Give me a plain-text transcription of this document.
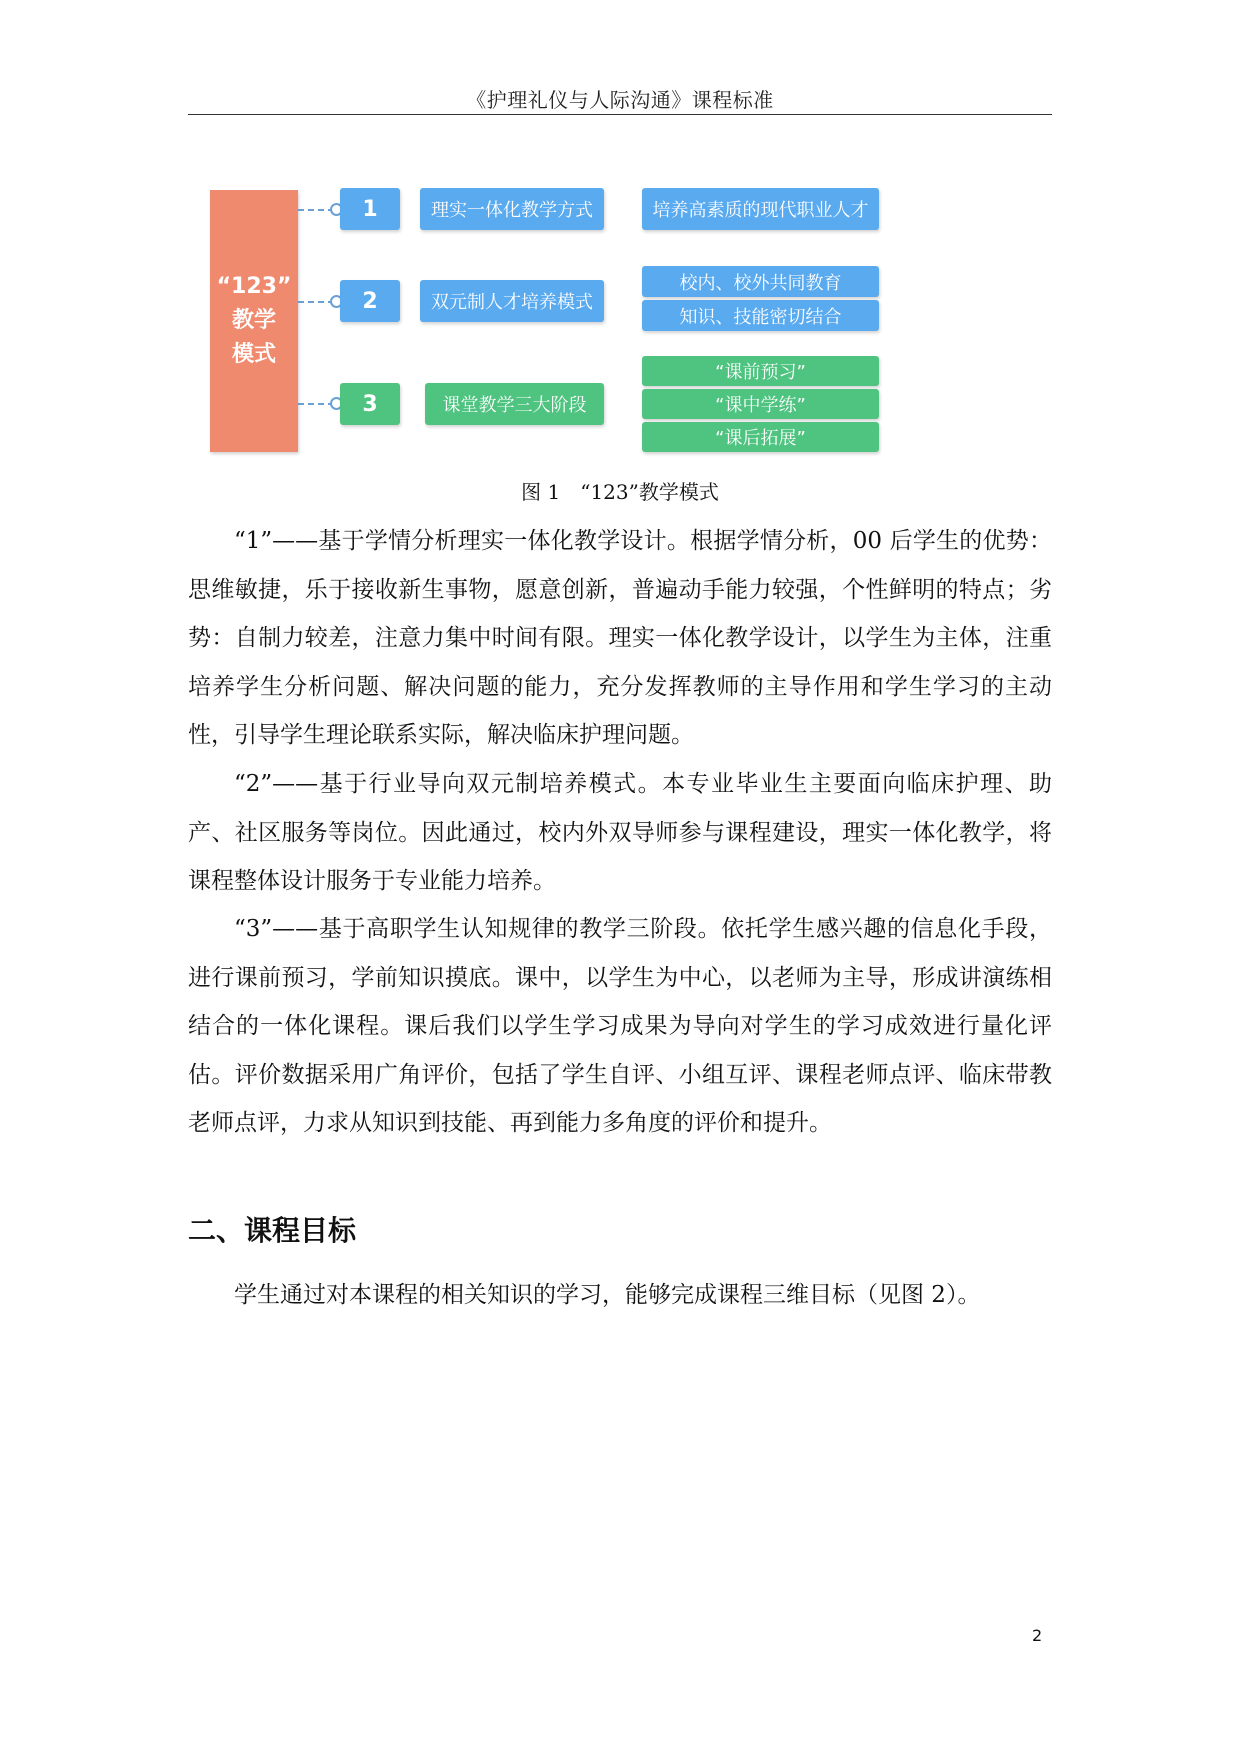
《护理礼仪与人际沟通》课程标准
“123”
教学
模式
1	理实一体化教学方式	培养高素质的现代职业人才
2	双元制人才培养模式
校内、校外共同教育
知识、技能密切结合
3	课堂教学三大阶段
“课前预习”
“课中学练”
“课后拓展”
图 1　“123”教学模式

“1”——基于学情分析理实一体化教学设计。根据学情分析，00 后学生的优势：思维敏捷，乐于接收新生事物，愿意创新，普遍动手能力较强，个性鲜明的特点；劣势：自制力较差，注意力集中时间有限。理实一体化教学设计，以学生为主体，注重培养学生分析问题、解决问题的能力，充分发挥教师的主导作用和学生学习的主动性，引导学生理论联系实际，解决临床护理问题。

“2”——基于行业导向双元制培养模式。本专业毕业生主要面向临床护理、助产、社区服务等岗位。因此通过，校内外双导师参与课程建设，理实一体化教学，将课程整体设计服务于专业能力培养。

“3”——基于高职学生认知规律的教学三阶段。依托学生感兴趣的信息化手段，进行课前预习，学前知识摸底。课中，以学生为中心，以老师为主导，形成讲演练相结合的一体化课程。课后我们以学生学习成果为导向对学生的学习成效进行量化评估。评价数据采用广角评价，包括了学生自评、小组互评、课程老师点评、临床带教老师点评，力求从知识到技能、再到能力多角度的评价和提升。

二、课程目标

学生通过对本课程的相关知识的学习，能够完成课程三维目标（见图 2）。

2
